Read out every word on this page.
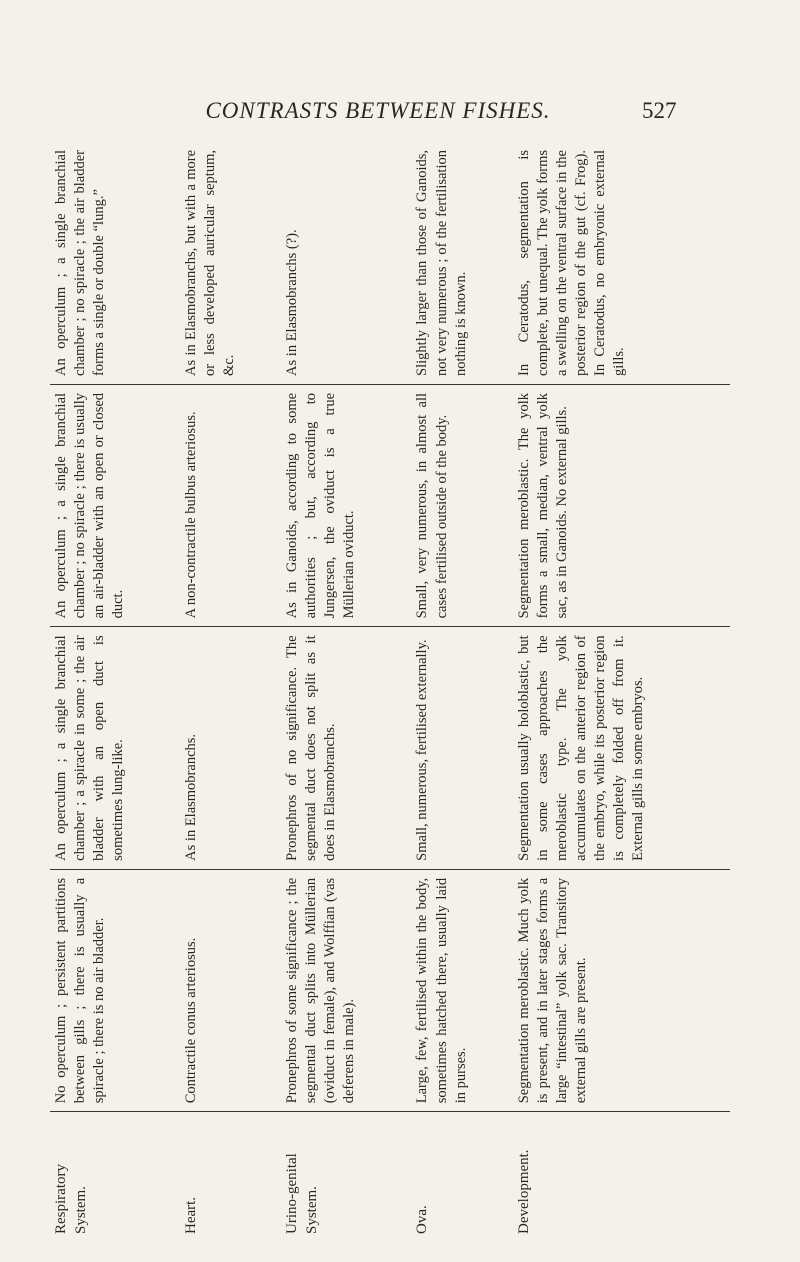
CONTRASTS BETWEEN FISHES.	527
Respiratory System.	No operculum ; persistent partitions between gills ; there is usually a spiracle ; there is no air bladder.	An operculum ; a single branchial chamber ; a spiracle in some ; the air bladder with an open duct is sometimes lung-like.	An operculum ; a single branchial chamber ; no spiracle ; there is usually an air-bladder with an open or closed duct.	An operculum ; a single branchial chamber ; no spiracle ; the air bladder forms a single or double “lung.”
Heart.	Contractile conus arteriosus.	As in Elasmobranchs.	A non-contractile bulbus arteriosus.	As in Elasmobranchs, but with a more or less developed auricular septum, &c.
Urino-genital System.	Pronephros of some significance ; the segmental duct splits into Müllerian (oviduct in female), and Wolffian (vas deferens in male).	Pronephros of no significance. The segmental duct does not split as it does in Elasmobranchs.	As in Ganoids, according to some authorities ; but, according to Jungersen, the oviduct is a true Müllerian oviduct.	As in Elasmobranchs (?).
Ova.	Large, few, fertilised within the body, sometimes hatched there, usually laid in purses.	Small, numerous, fertilised externally.	Small, very numerous, in almost all cases fertilised outside of the body.	Slightly larger than those of Ganoids, not very numerous ; of the fertilisation nothing is known.
Development.	Segmentation meroblastic. Much yolk is present, and in later stages forms a large “intestinal” yolk sac. Transitory external gills are present.	Segmentation usually holoblastic, but in some cases approaches the meroblastic type. The yolk accumulates on the anterior region of the embryo, while its posterior region is completely folded off from it. External gills in some embryos.	Segmentation meroblastic. The yolk forms a small, median, ventral yolk sac, as in Ganoids. No external gills.	In Ceratodus, segmentation is complete, but unequal. The yolk forms a swelling on the ventral surface in the posterior region of the gut (cf. Frog). In Ceratodus, no embryonic external gills.
